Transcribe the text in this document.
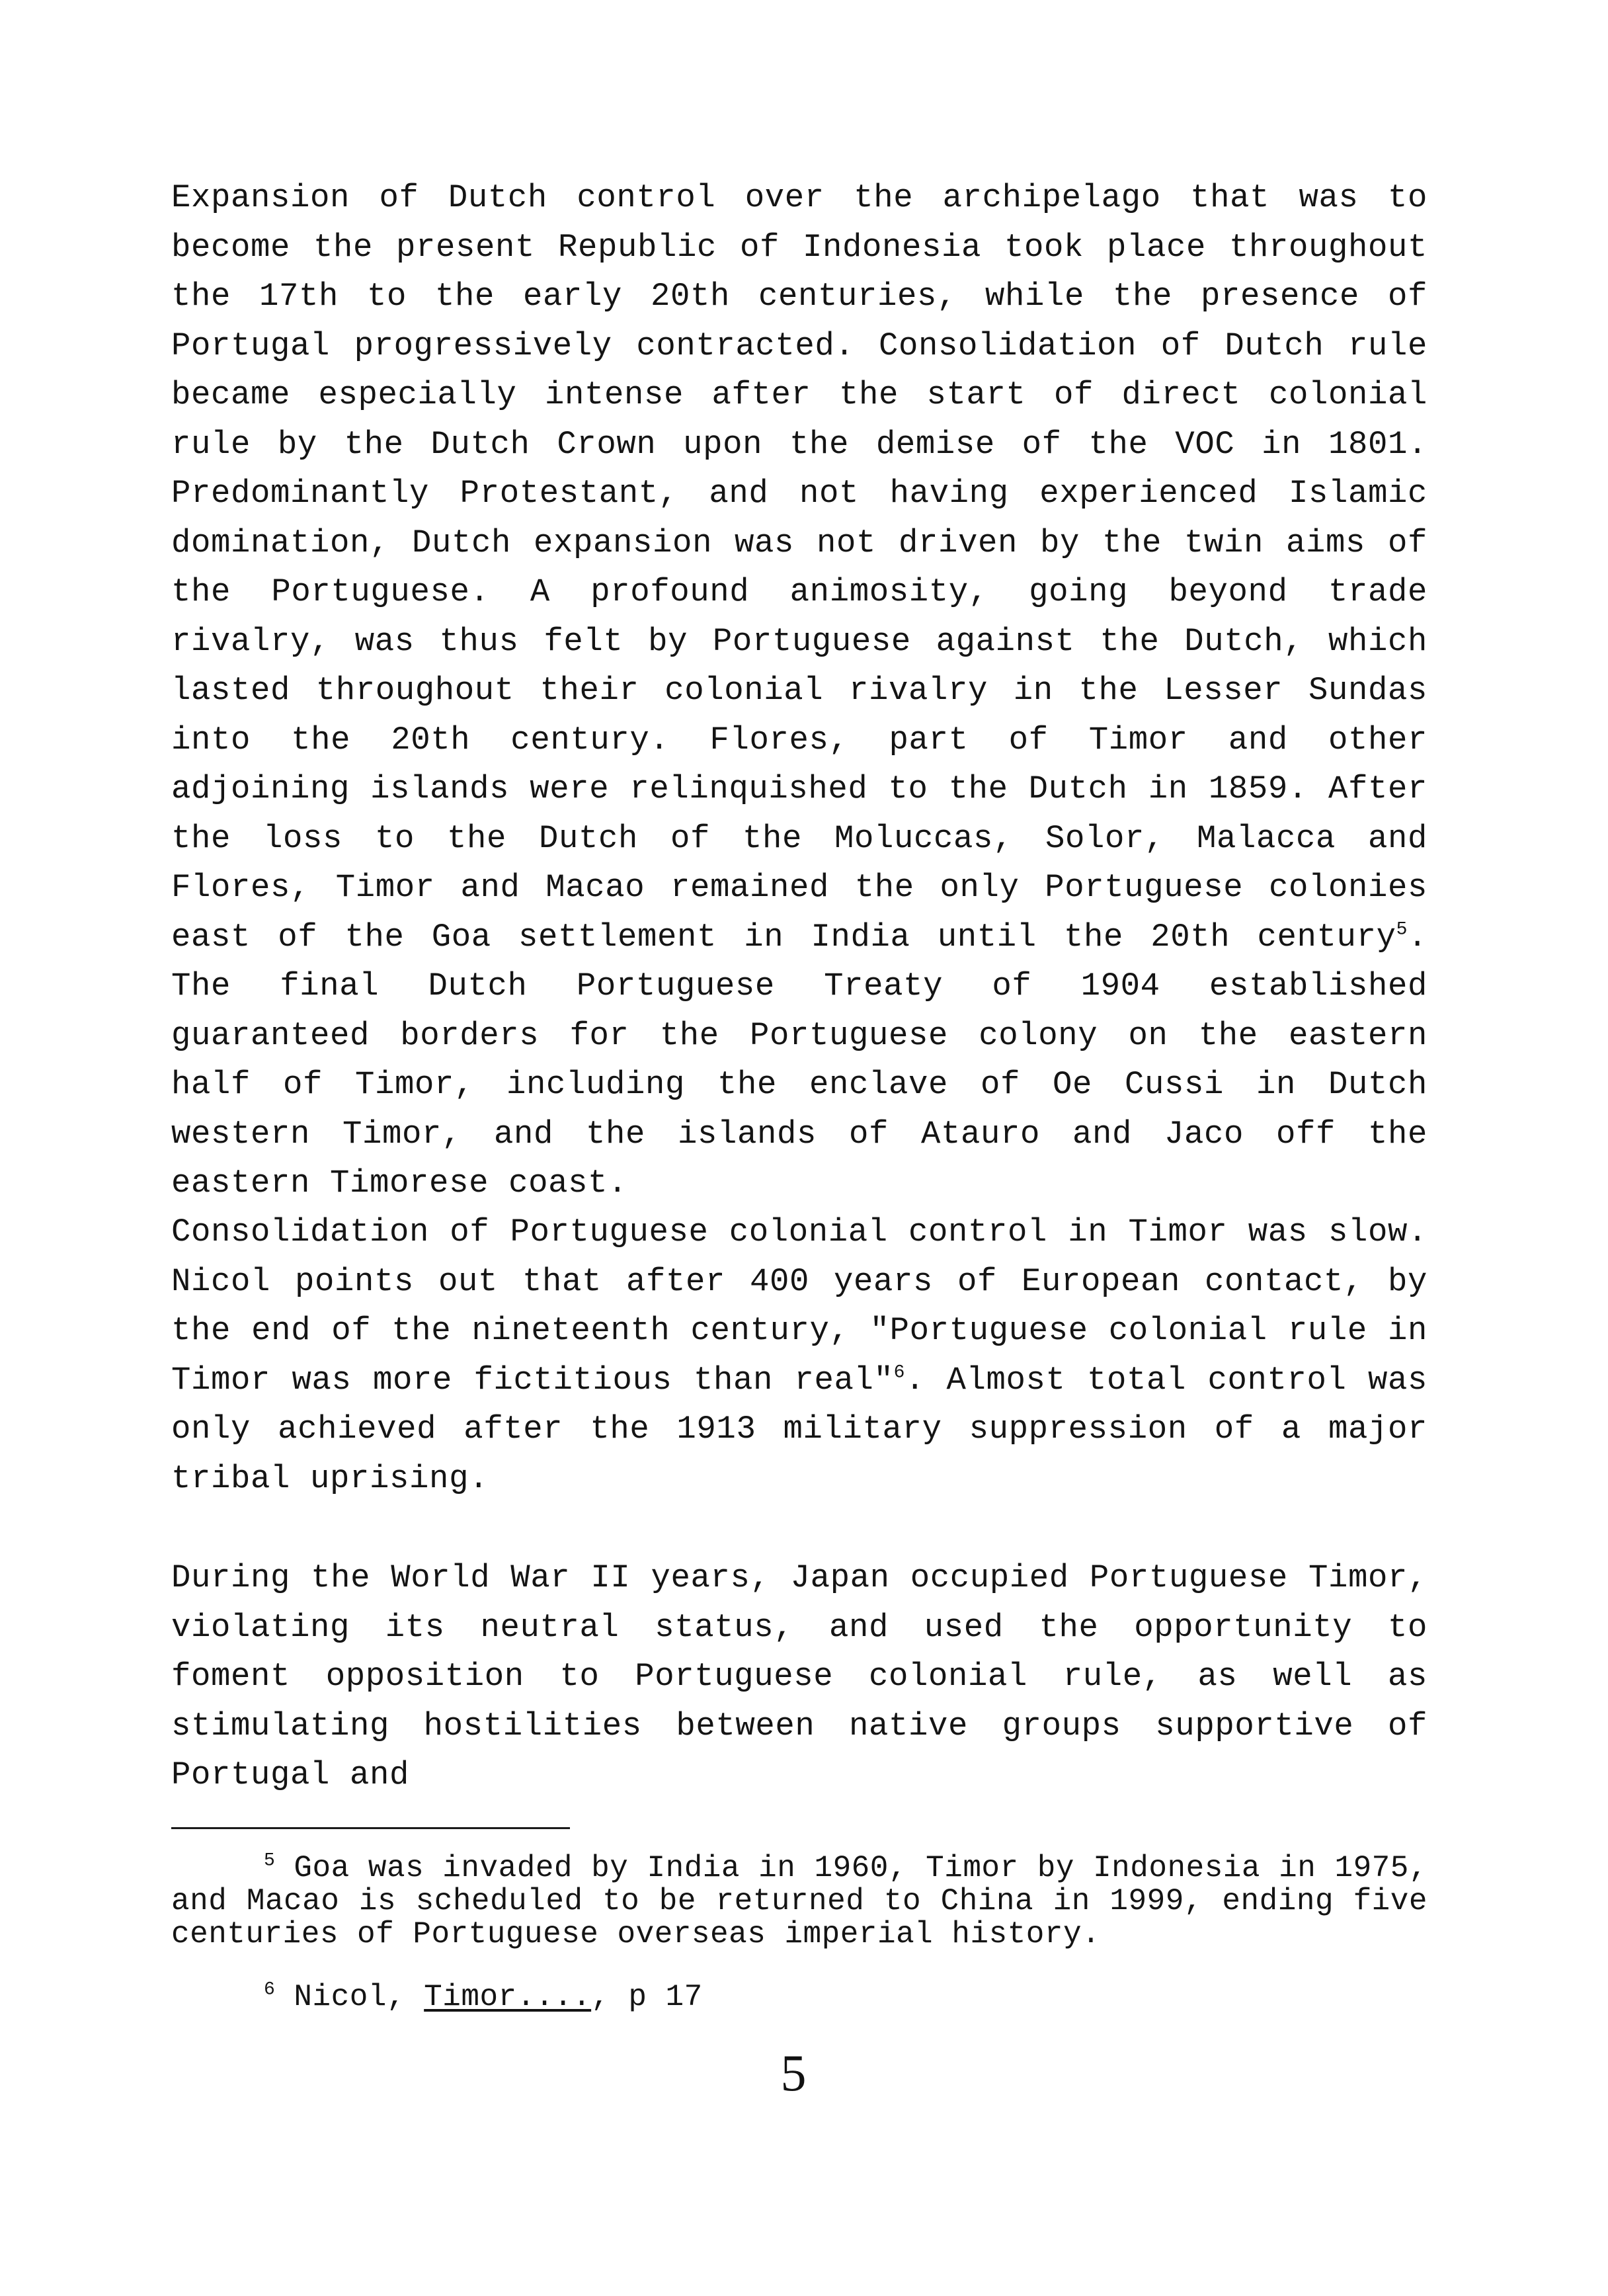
Expansion of Dutch control over the archipelago that was to become the present Republic of Indonesia took place throughout the 17th to the early 20th centuries, while the presence of Portugal progressively contracted. Consolidation of Dutch rule became especially intense after the start of direct colonial rule by the Dutch Crown upon the demise of the VOC in 1801. Predominantly Protestant, and not having experienced Islamic domination, Dutch expansion was not driven by the twin aims of the Portuguese. A profound animosity, going beyond trade rivalry, was thus felt by Portuguese against the Dutch, which lasted throughout their colonial rivalry in the Lesser Sundas into the 20th century. Flores, part of Timor and other adjoining islands were relinquished to the Dutch in 1859. After the loss to the Dutch of the Moluccas, Solor, Malacca and Flores, Timor and Macao remained the only Portuguese colonies east of the Goa settlement in India until the 20th century$^5$. The final Dutch Portuguese Treaty of 1904 established guaranteed borders for the Portuguese colony on the eastern half of Timor, including the enclave of Oe Cussi in Dutch western Timor, and the islands of Atauro and Jaco off the eastern Timorese coast.

Consolidation of Portuguese colonial control in Timor was slow. Nicol points out that after 400 years of European contact, by the end of the nineteenth century, "Portuguese colonial rule in Timor was more fictitious than real"$^6$. Almost total control was only achieved after the 1913 military suppression of a major tribal uprising.

During the World War II years, Japan occupied Portuguese Timor, violating its neutral status, and used the opportunity to foment opposition to Portuguese colonial rule, as well as stimulating hostilities between native groups supportive of Portugal and

$^5$ Goa was invaded by India in 1960, Timor by Indonesia in 1975, and Macao is scheduled to be returned to China in 1999, ending five centuries of Portuguese overseas imperial history.

$^6$ Nicol, Timor...., p 17

5
